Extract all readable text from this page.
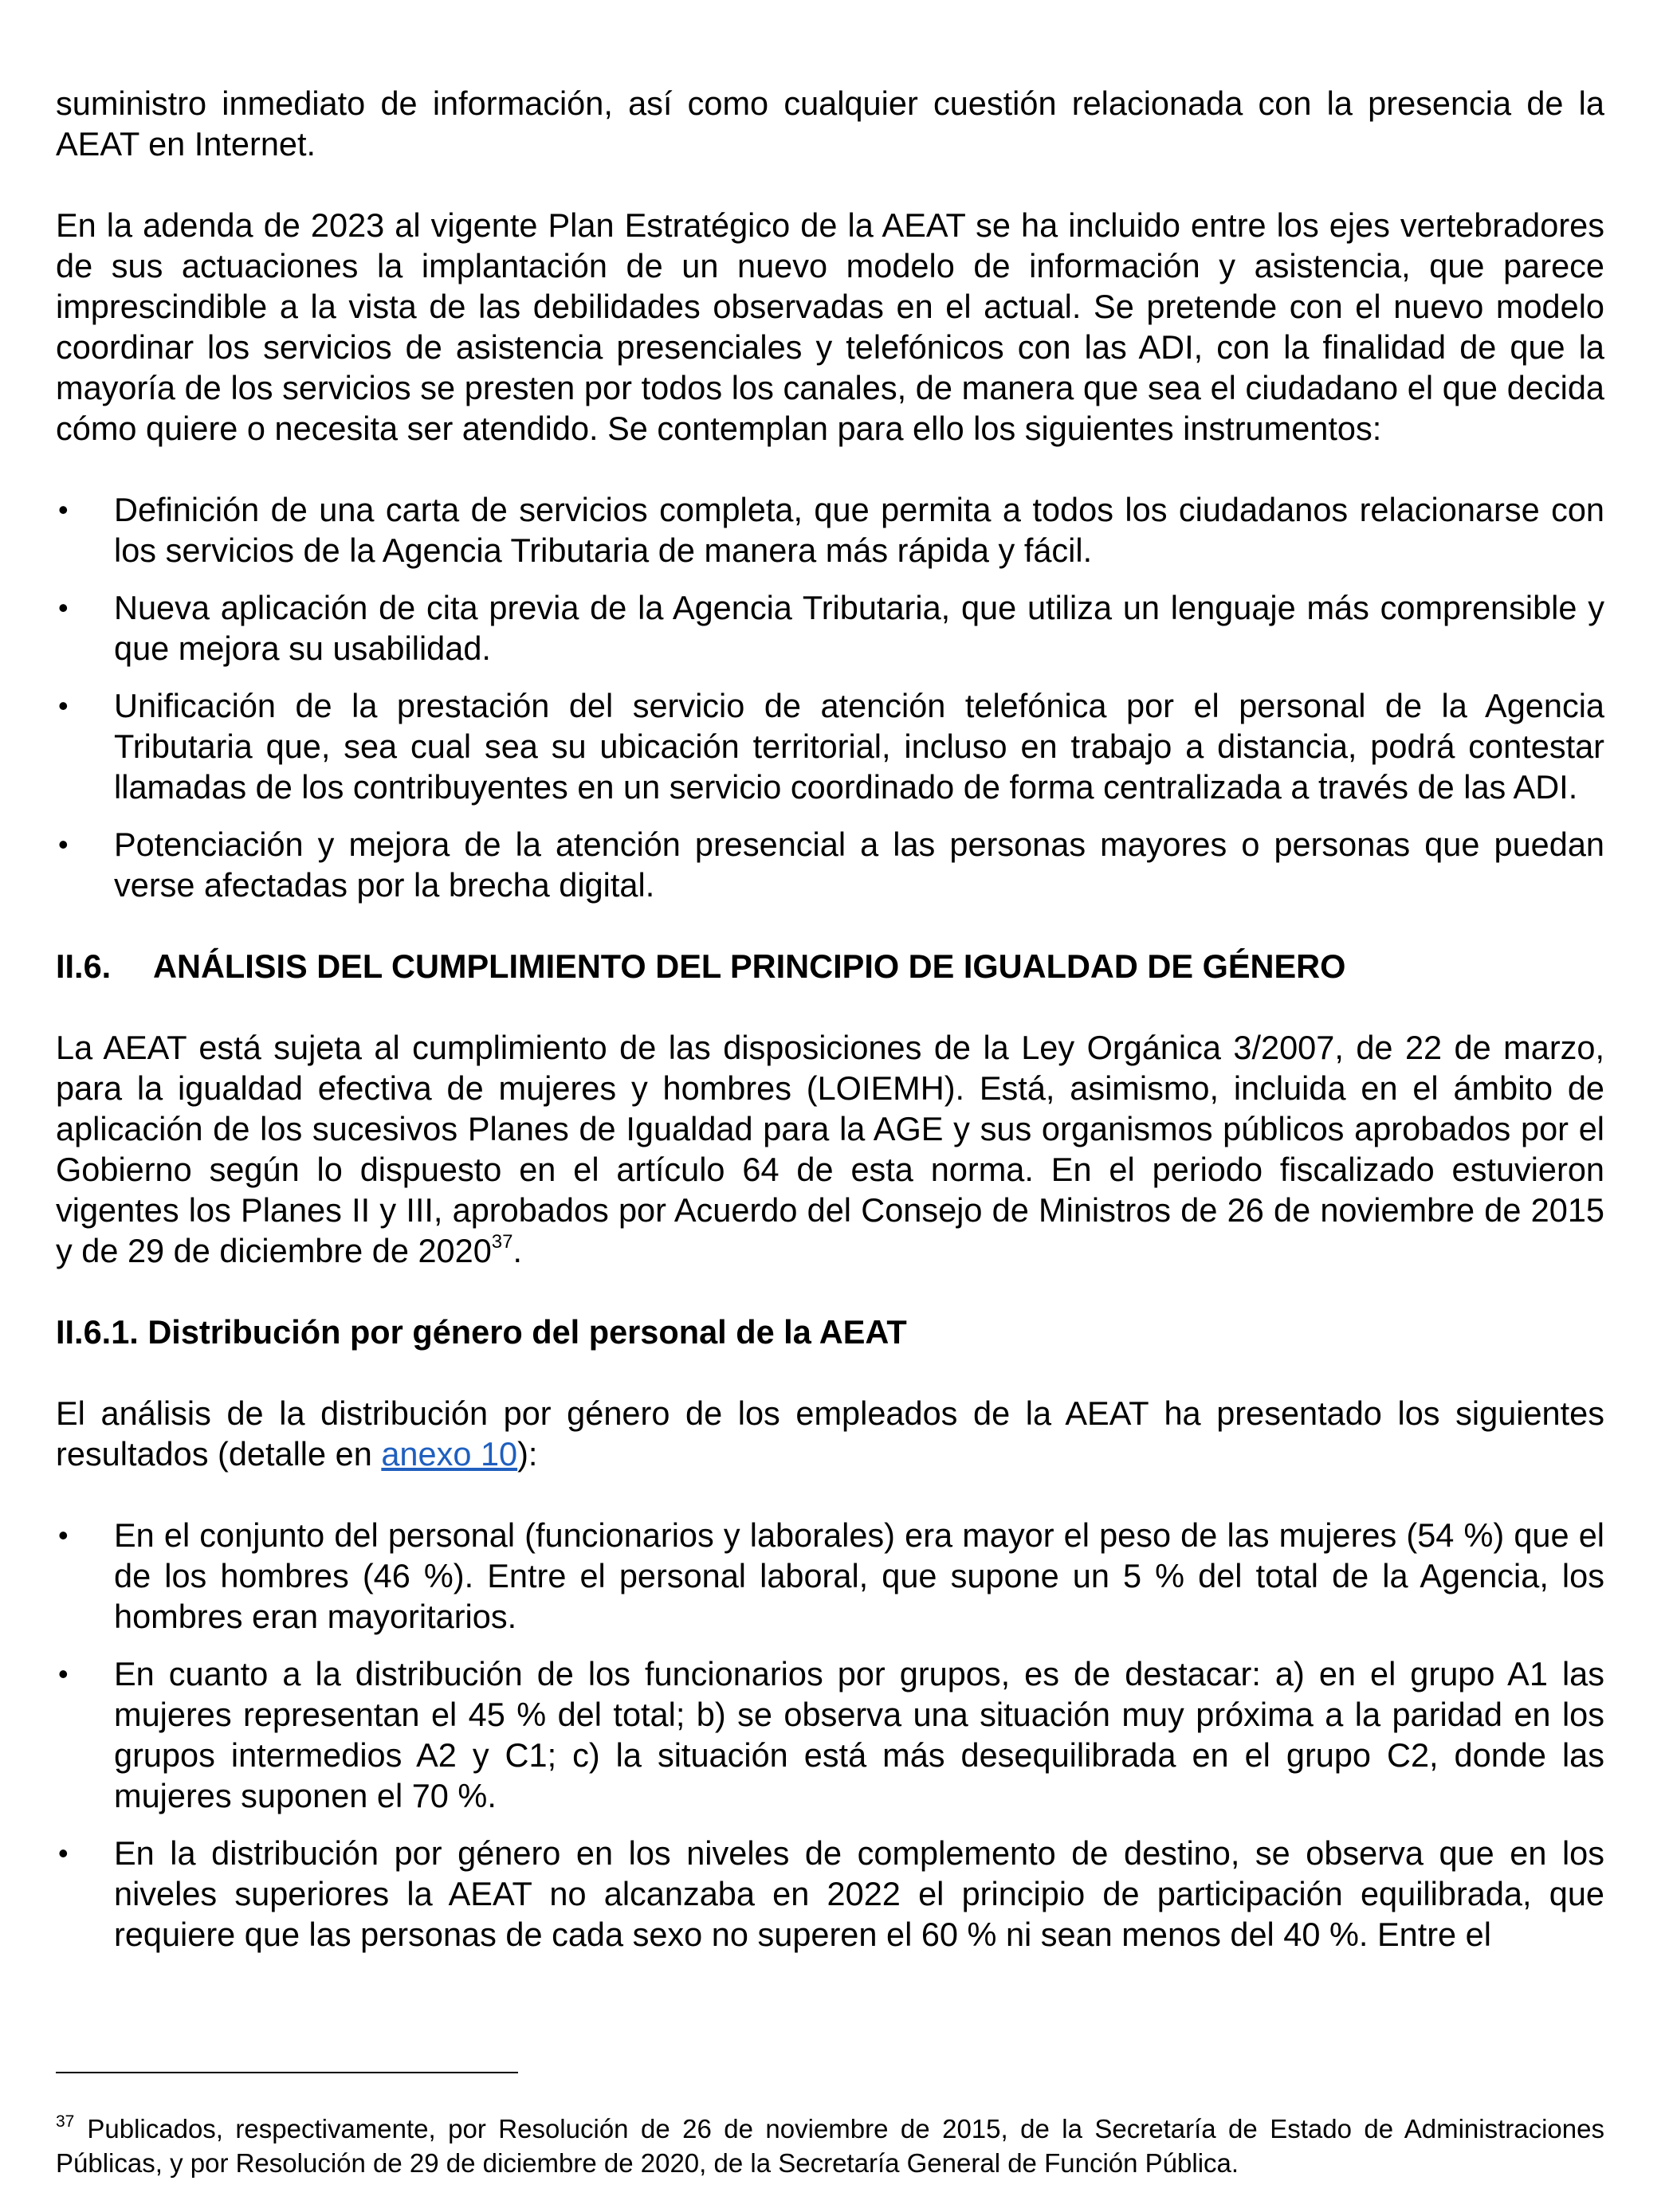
suministro inmediato de información, así como cualquier cuestión relacionada con la presencia de la AEAT en Internet.

En la adenda de 2023 al vigente Plan Estratégico de la AEAT se ha incluido entre los ejes vertebradores de sus actuaciones la implantación de un nuevo modelo de información y asistencia, que parece imprescindible a la vista de las debilidades observadas en el actual. Se pretende con el nuevo modelo coordinar los servicios de asistencia presenciales y telefónicos con las ADI, con la finalidad de que la mayoría de los servicios se presten por todos los canales, de manera que sea el ciudadano el que decida cómo quiere o necesita ser atendido. Se contemplan para ello los siguientes instrumentos:

• Definición de una carta de servicios completa, que permita a todos los ciudadanos relacionarse con los servicios de la Agencia Tributaria de manera más rápida y fácil.
• Nueva aplicación de cita previa de la Agencia Tributaria, que utiliza un lenguaje más comprensible y que mejora su usabilidad.
• Unificación de la prestación del servicio de atención telefónica por el personal de la Agencia Tributaria que, sea cual sea su ubicación territorial, incluso en trabajo a distancia, podrá contestar llamadas de los contribuyentes en un servicio coordinado de forma centralizada a través de las ADI.
• Potenciación y mejora de la atención presencial a las personas mayores o personas que puedan verse afectadas por la brecha digital.
II.6. ANÁLISIS DEL CUMPLIMIENTO DEL PRINCIPIO DE IGUALDAD DE GÉNERO

La AEAT está sujeta al cumplimiento de las disposiciones de la Ley Orgánica 3/2007, de 22 de marzo, para la igualdad efectiva de mujeres y hombres (LOIEMH). Está, asimismo, incluida en el ámbito de aplicación de los sucesivos Planes de Igualdad para la AGE y sus organismos públicos aprobados por el Gobierno según lo dispuesto en el artículo 64 de esta norma. En el periodo fiscalizado estuvieron vigentes los Planes II y III, aprobados por Acuerdo del Consejo de Ministros de 26 de noviembre de 2015 y de 29 de diciembre de 2020$^{37}$.

II.6.1. Distribución por género del personal de la AEAT

El análisis de la distribución por género de los empleados de la AEAT ha presentado los siguientes resultados (detalle en anexo 10):

• En el conjunto del personal (funcionarios y laborales) era mayor el peso de las mujeres (54 %) que el de los hombres (46 %). Entre el personal laboral, que supone un 5 % del total de la Agencia, los hombres eran mayoritarios.
• En cuanto a la distribución de los funcionarios por grupos, es de destacar: a) en el grupo A1 las mujeres representan el 45 % del total; b) se observa una situación muy próxima a la paridad en los grupos intermedios A2 y C1; c) la situación está más desequilibrada en el grupo C2, donde las mujeres suponen el 70 %.
• En la distribución por género en los niveles de complemento de destino, se observa que en los niveles superiores la AEAT no alcanzaba en 2022 el principio de participación equilibrada, que requiere que las personas de cada sexo no superen el 60 % ni sean menos del 40 %. Entre el

$^{37}$ Publicados, respectivamente, por Resolución de 26 de noviembre de 2015, de la Secretaría de Estado de Administraciones Públicas, y por Resolución de 29 de diciembre de 2020, de la Secretaría General de Función Pública.
